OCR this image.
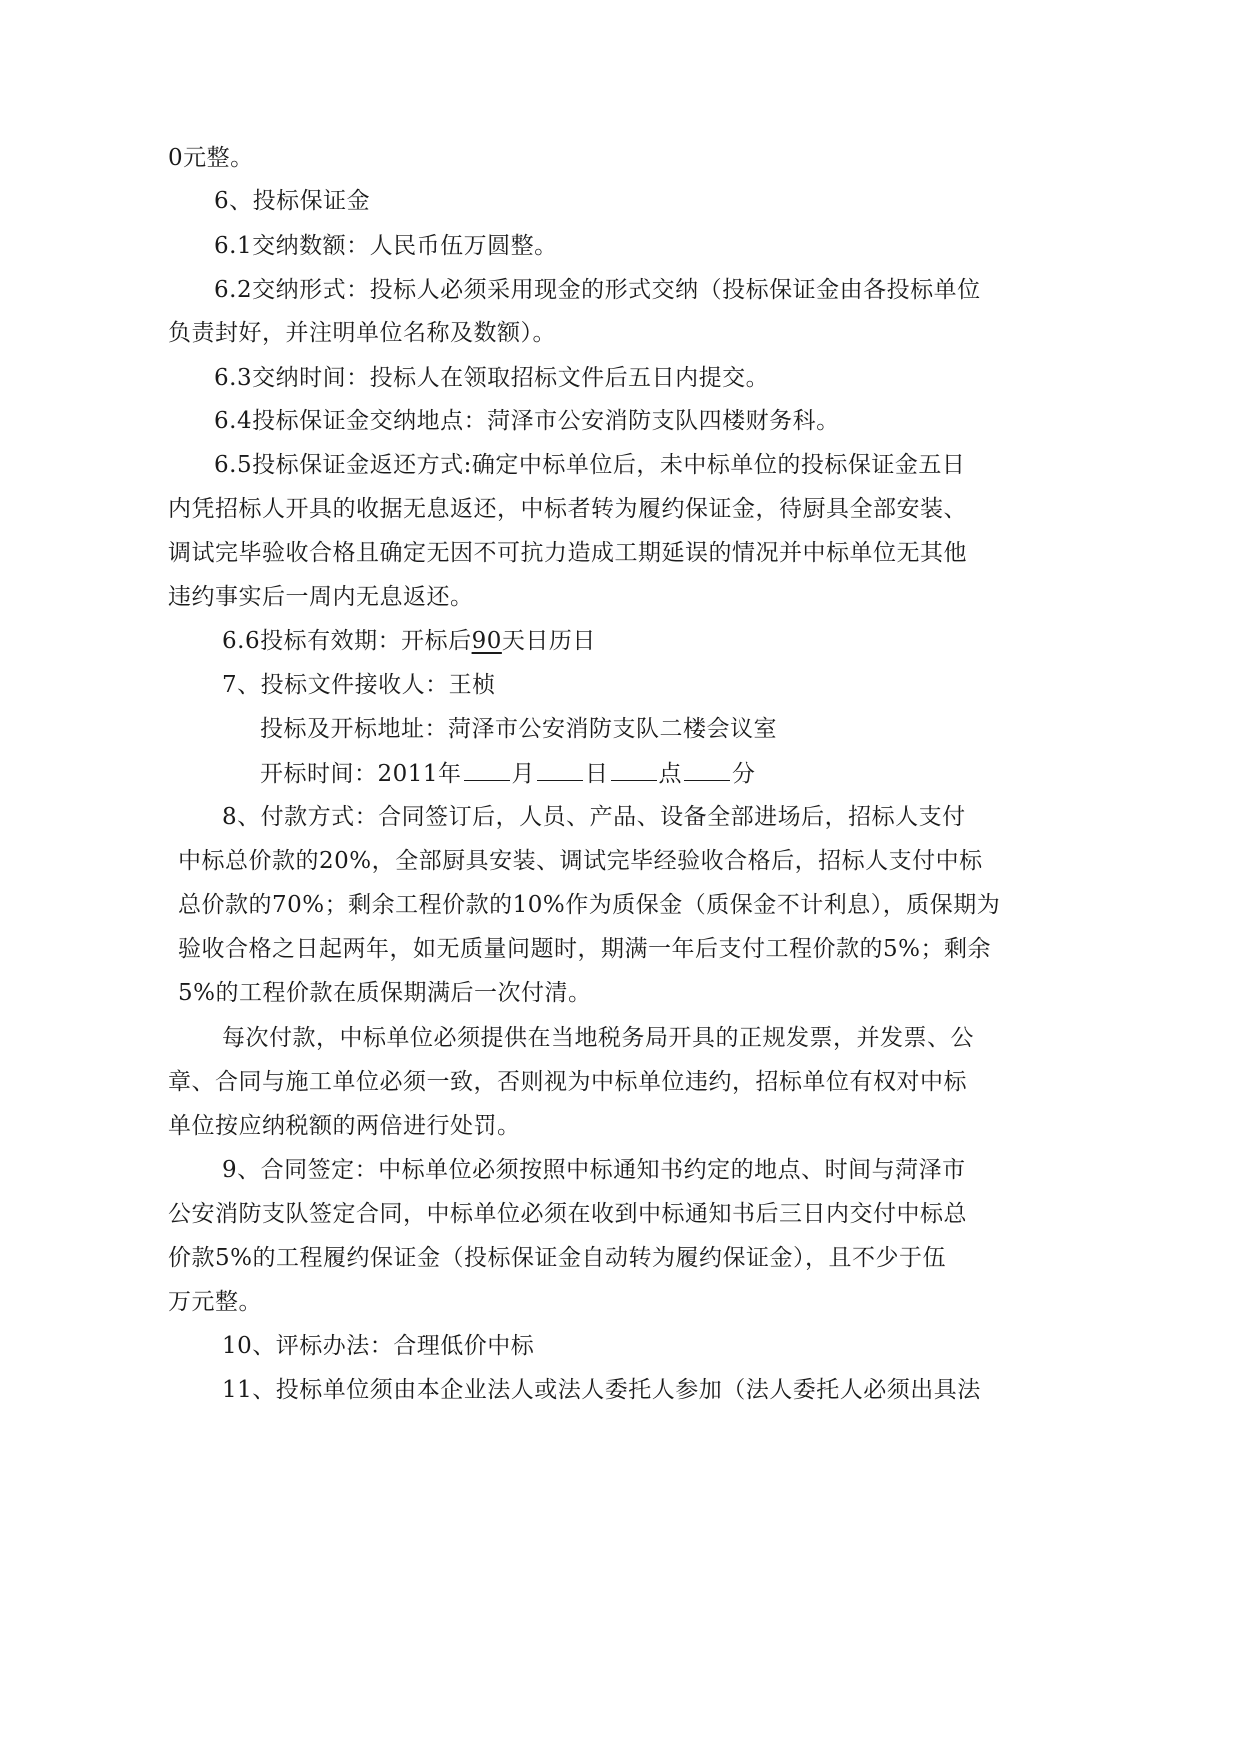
0元整。
6、投标保证金
6.1交纳数额：人民币伍万圆整。
6.2交纳形式：投标人必须采用现金的形式交纳（投标保证金由各投标单位
负责封好，并注明单位名称及数额）。
6.3交纳时间：投标人在领取招标文件后五日内提交。
6.4投标保证金交纳地点：菏泽市公安消防支队四楼财务科。
6.5投标保证金返还方式:确定中标单位后，未中标单位的投标保证金五日
内凭招标人开具的收据无息返还，中标者转为履约保证金，待厨具全部安装、
调试完毕验收合格且确定无因不可抗力造成工期延误的情况并中标单位无其他
违约事实后一周内无息返还。
6.6投标有效期：开标后90天日历日
7、投标文件接收人：王桢
投标及开标地址：菏泽市公安消防支队二楼会议室
开标时间：2011年 月 日 点 分
8、付款方式：合同签订后，人员、产品、设备全部进场后，招标人支付
中标总价款的20%，全部厨具安装、调试完毕经验收合格后，招标人支付中标
总价款的70%；剩余工程价款的10%作为质保金（质保金不计利息），质保期为
验收合格之日起两年，如无质量问题时，期满一年后支付工程价款的5%；剩余
5%的工程价款在质保期满后一次付清。
每次付款，中标单位必须提供在当地税务局开具的正规发票，并发票、公
章、合同与施工单位必须一致，否则视为中标单位违约，招标单位有权对中标
单位按应纳税额的两倍进行处罚。
9、合同签定：中标单位必须按照中标通知书约定的地点、时间与菏泽市
公安消防支队签定合同，中标单位必须在收到中标通知书后三日内交付中标总
价款5%的工程履约保证金（投标保证金自动转为履约保证金），且不少于伍
万元整。
10、评标办法：合理低价中标
11、投标单位须由本企业法人或法人委托人参加（法人委托人必须出具法
